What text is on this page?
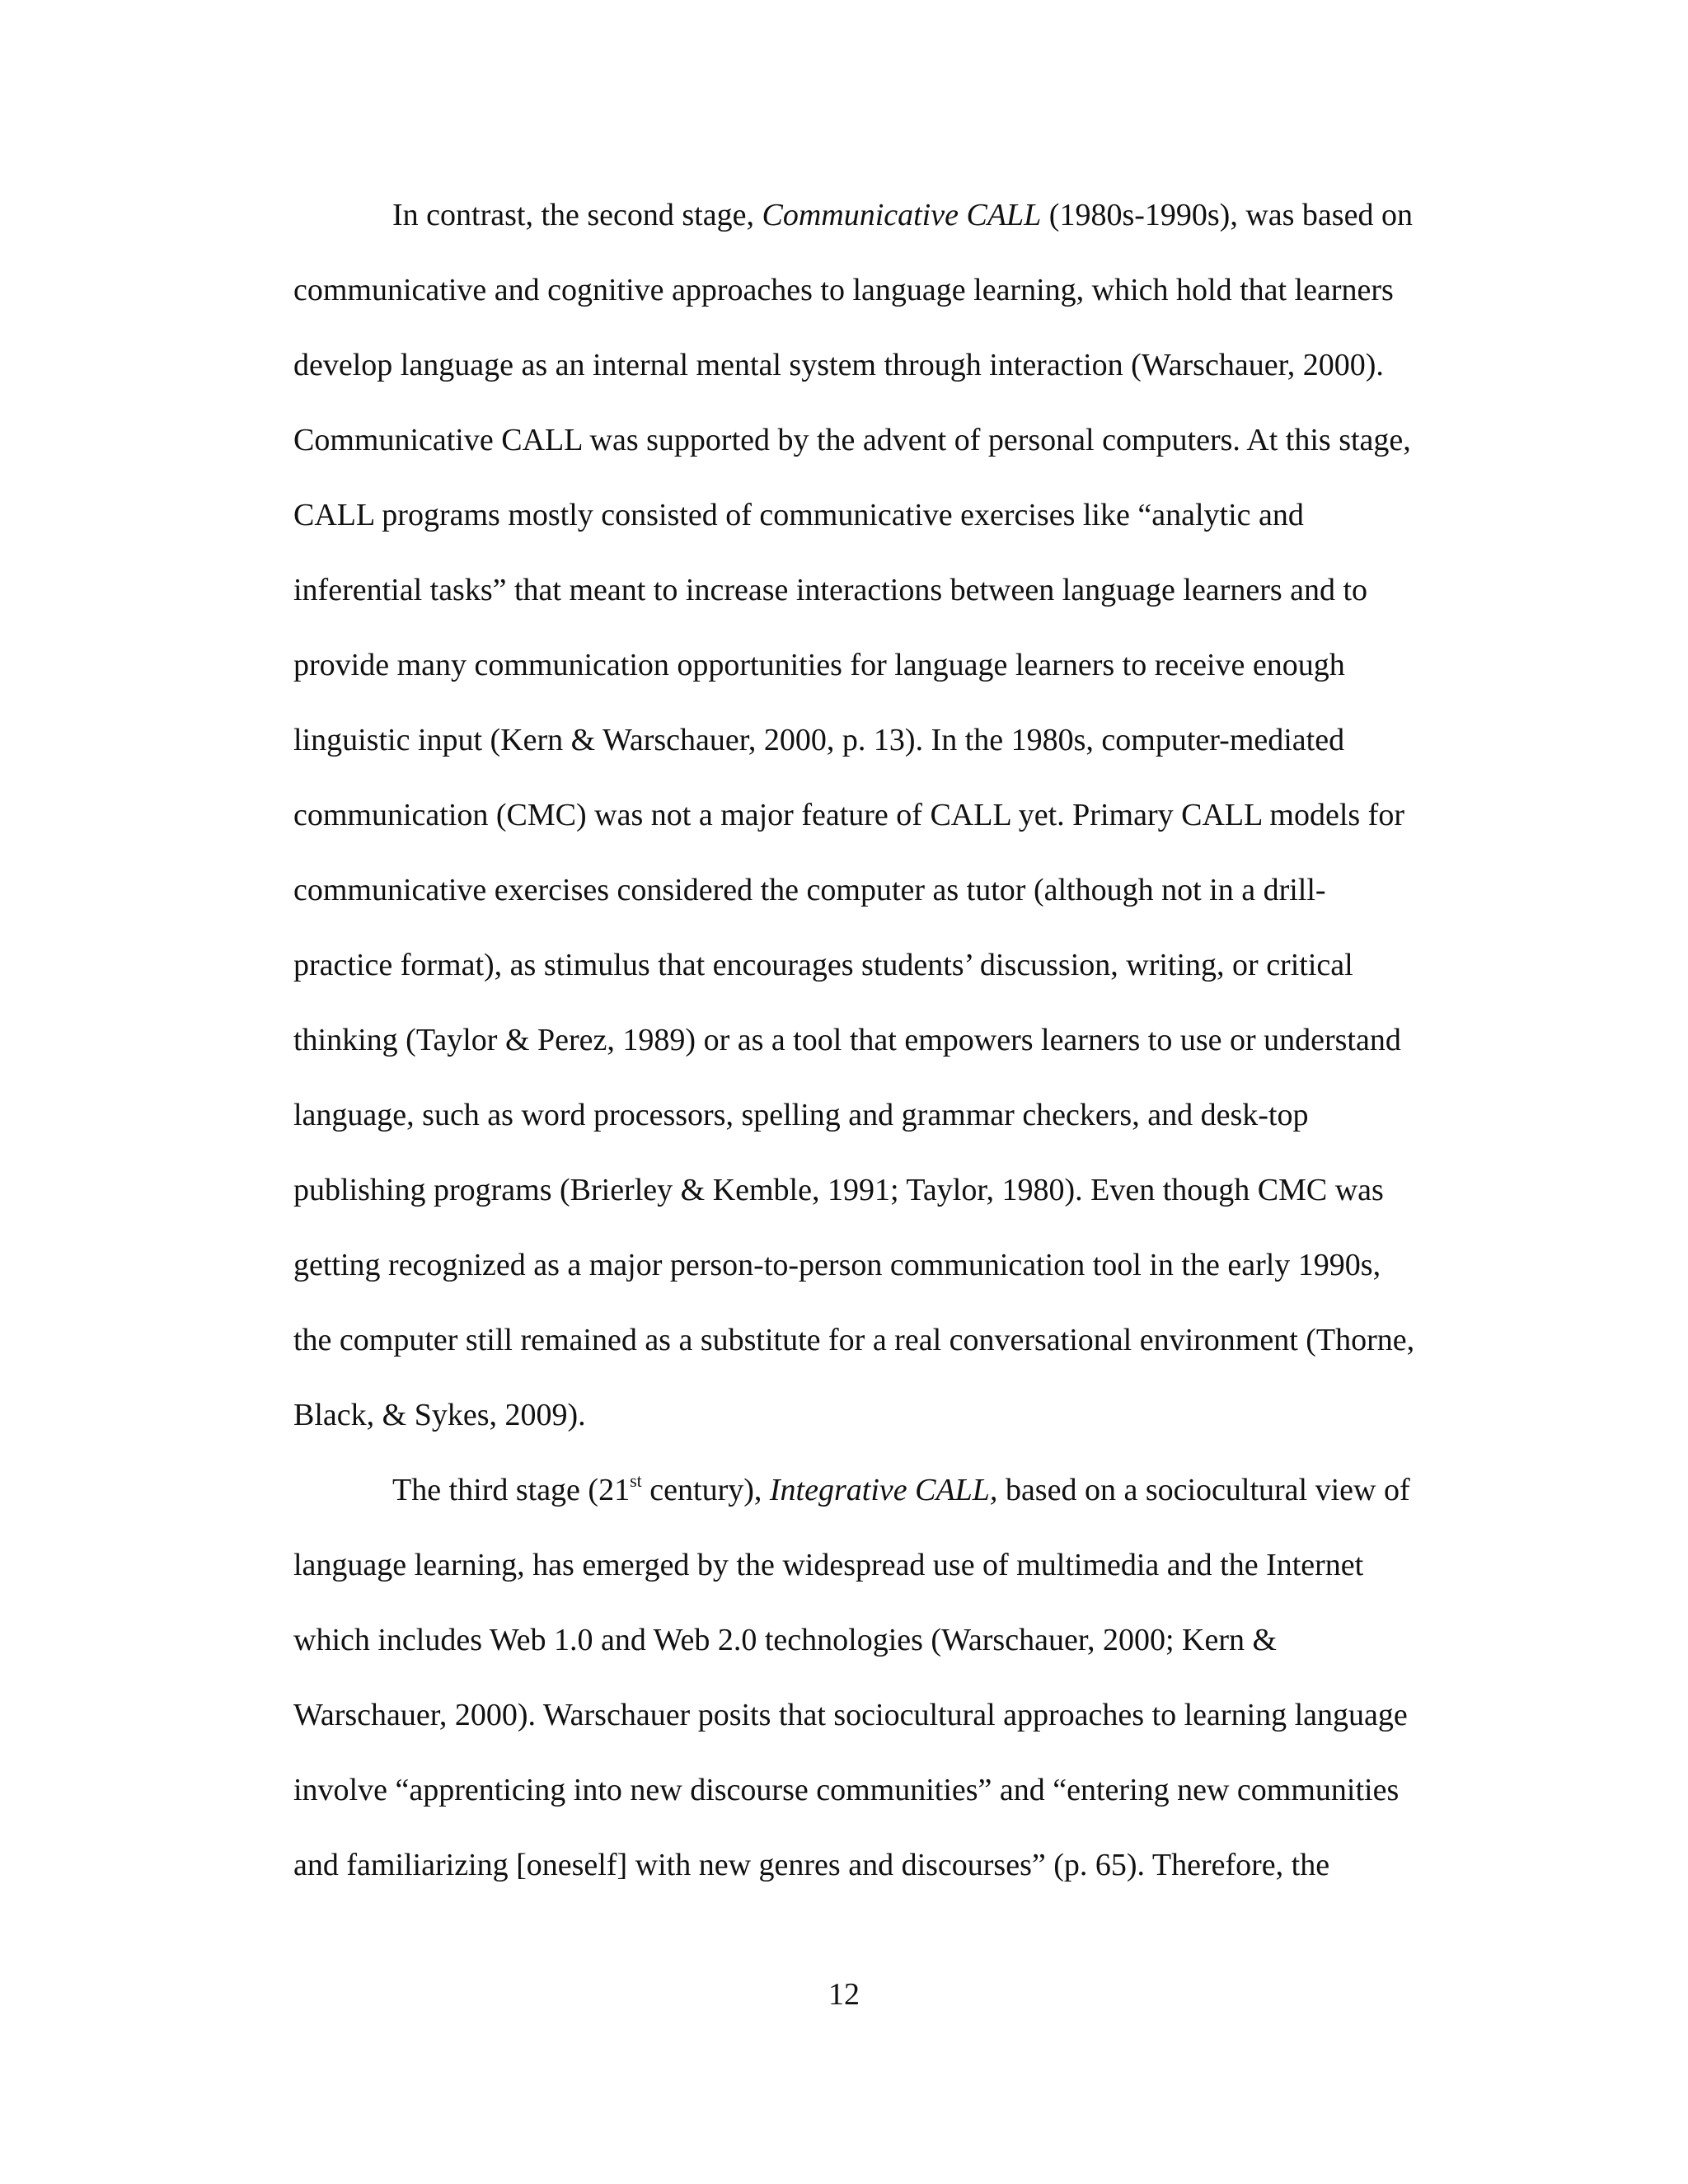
In contrast, the second stage, Communicative CALL (1980s-1990s), was based on
communicative and cognitive approaches to language learning, which hold that learners
develop language as an internal mental system through interaction (Warschauer, 2000).
Communicative CALL was supported by the advent of personal computers. At this stage,
CALL programs mostly consisted of communicative exercises like “analytic and
inferential tasks” that meant to increase interactions between language learners and to
provide many communication opportunities for language learners to receive enough
linguistic input (Kern & Warschauer, 2000, p. 13). In the 1980s, computer-mediated
communication (CMC) was not a major feature of CALL yet. Primary CALL models for
communicative exercises considered the computer as tutor (although not in a drill-
practice format), as stimulus that encourages students’ discussion, writing, or critical
thinking (Taylor & Perez, 1989) or as a tool that empowers learners to use or understand
language, such as word processors, spelling and grammar checkers, and desk-top
publishing programs (Brierley & Kemble, 1991; Taylor, 1980). Even though CMC was
getting recognized as a major person-to-person communication tool in the early 1990s,
the computer still remained as a substitute for a real conversational environment (Thorne,
Black, & Sykes, 2009).
The third stage (21st century), Integrative CALL, based on a sociocultural view of
language learning, has emerged by the widespread use of multimedia and the Internet
which includes Web 1.0 and Web 2.0 technologies (Warschauer, 2000; Kern &
Warschauer, 2000). Warschauer posits that sociocultural approaches to learning language
involve “apprenticing into new discourse communities” and “entering new communities
and familiarizing [oneself] with new genres and discourses” (p. 65). Therefore, the
12
